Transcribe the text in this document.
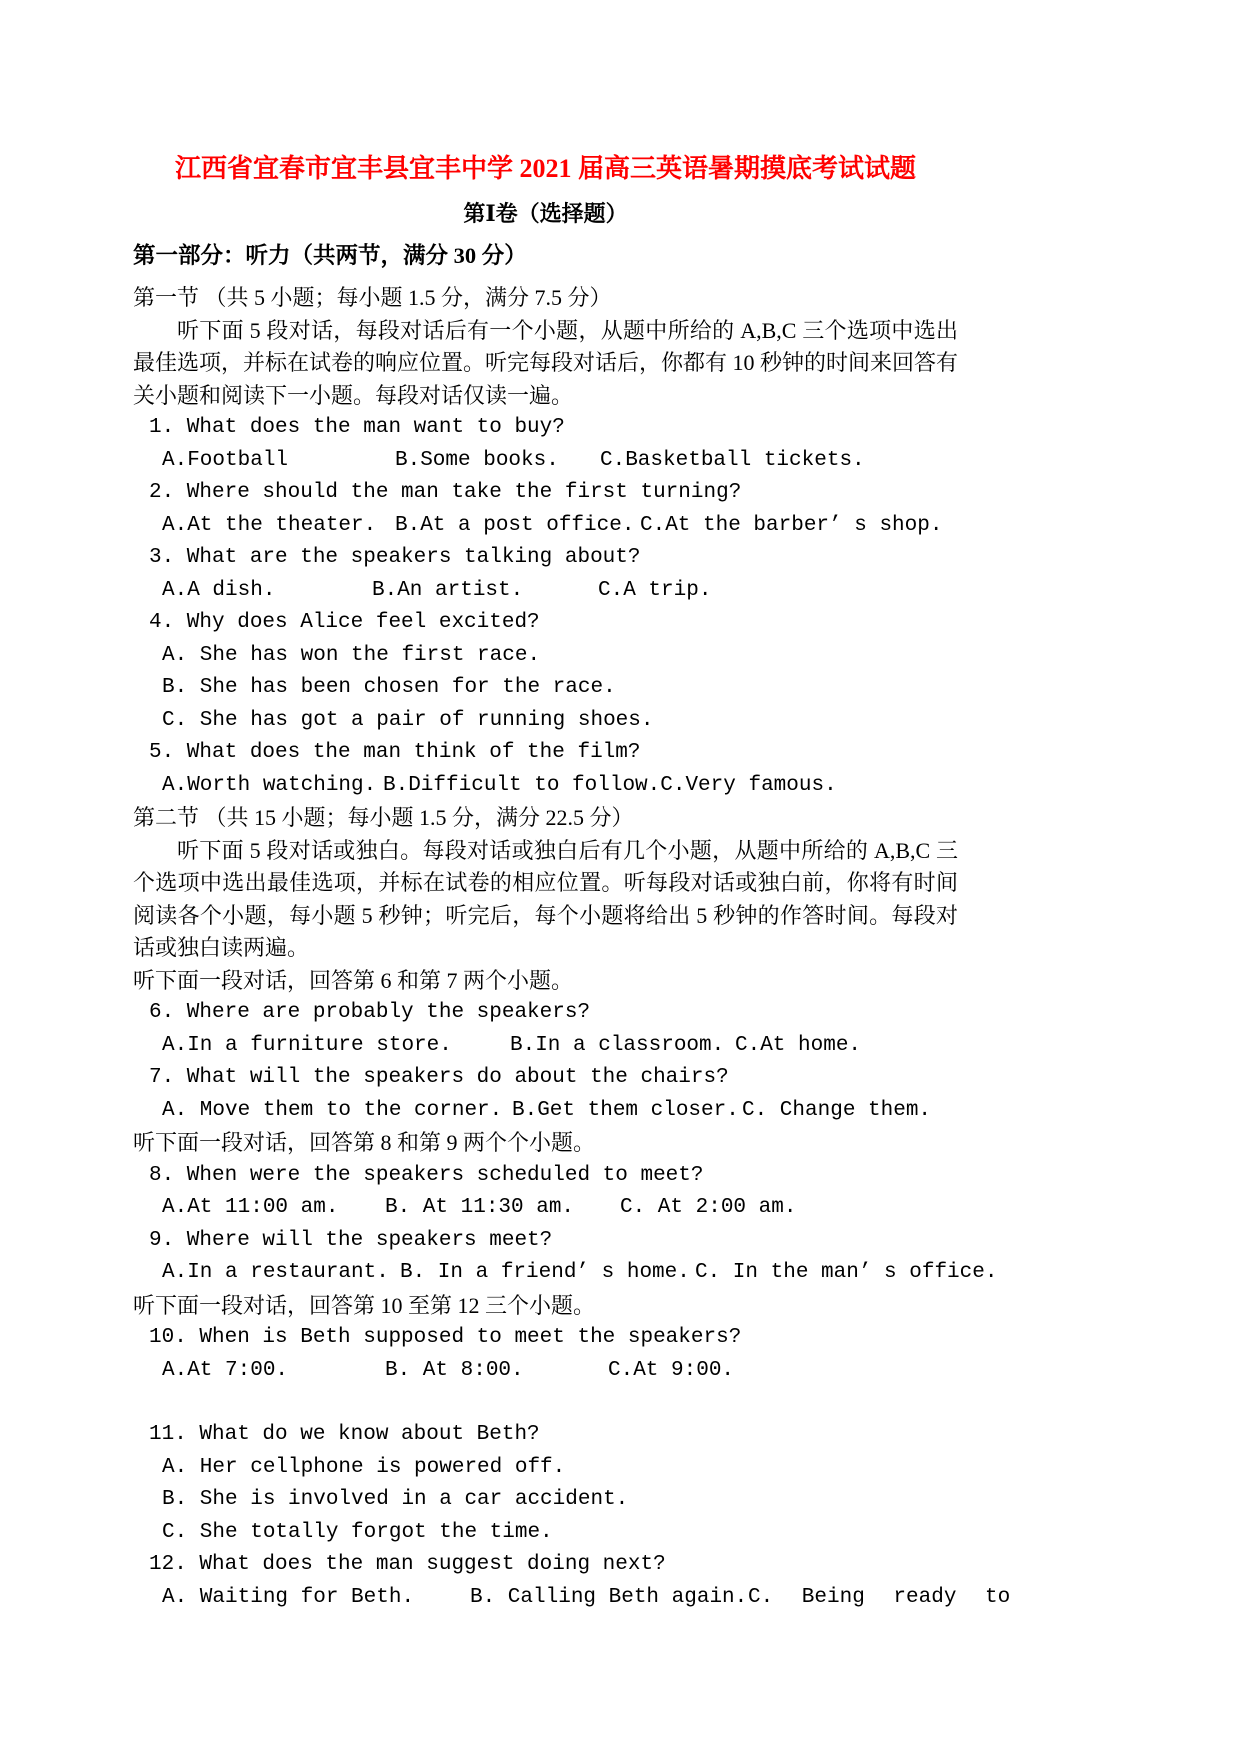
江西省宜春市宜丰县宜丰中学 2021 届高三英语暑期摸底考试试题
第Ⅰ卷（选择题）
第一部分：听力（共两节，满分 30 分）
第一节 （共 5 小题；每小题 1.5 分，满分 7.5 分）
听下面 5 段对话，每段对话后有一个小题，从题中所给的 A,B,C 三个选项中选出最佳选项，并标在试卷的响应位置。听完每段对话后，你都有 10 秒钟的时间来回答有关小题和阅读下一小题。每段对话仅读一遍。
1. What does the man want to buy?
A.Football	B.Some books.	C.Basketball tickets.
2. Where should the man take the first turning?
A.At the theater. B.At a post office. C.At the barber’ s shop.
3. What are the speakers talking about?
A.A dish.	B.An artist.	C.A trip.
4. Why does Alice feel excited?
A. She has won the first race.
B. She has been chosen for the race.
C. She has got a pair of running shoes.
5. What does the man think of the film?
A.Worth watching. B.Difficult to follow. C.Very famous.
第二节 （共 15 小题；每小题 1.5 分，满分 22.5 分）
听下面 5 段对话或独白。每段对话或独白后有几个小题，从题中所给的 A,B,C 三个选项中选出最佳选项，并标在试卷的相应位置。听每段对话或独白前，你将有时间阅读各个小题，每小题 5 秒钟；听完后，每个小题将给出 5 秒钟的作答时间。每段对话或独白读两遍。
听下面一段对话，回答第 6 和第 7 两个小题。
6. Where are probably the speakers?
A.In a furniture store.	B.In a classroom. C.At home.
7. What will the speakers do about the chairs?
A. Move them to the corner. B.Get them closer. C. Change them.
听下面一段对话，回答第 8 和第 9 两个个小题。
8. When were the speakers scheduled to meet?
A.At 11:00 am.	B. At 11:30 am.	C. At 2:00 am.
9. Where will the speakers meet?
A.In a restaurant. B. In a friend’ s home. C. In the man’ s office.
听下面一段对话，回答第 10 至第 12 三个小题。
10. When is Beth supposed to meet the speakers?
A.At 7:00.	B. At 8:00.	C.At 9:00.
11. What do we know about Beth?
A. Her cellphone is powered off.
B. She is involved in a car accident.
C. She totally forgot the time.
12. What does the man suggest doing next?
A. Waiting for Beth.	B. Calling Beth again. C. Being ready to
